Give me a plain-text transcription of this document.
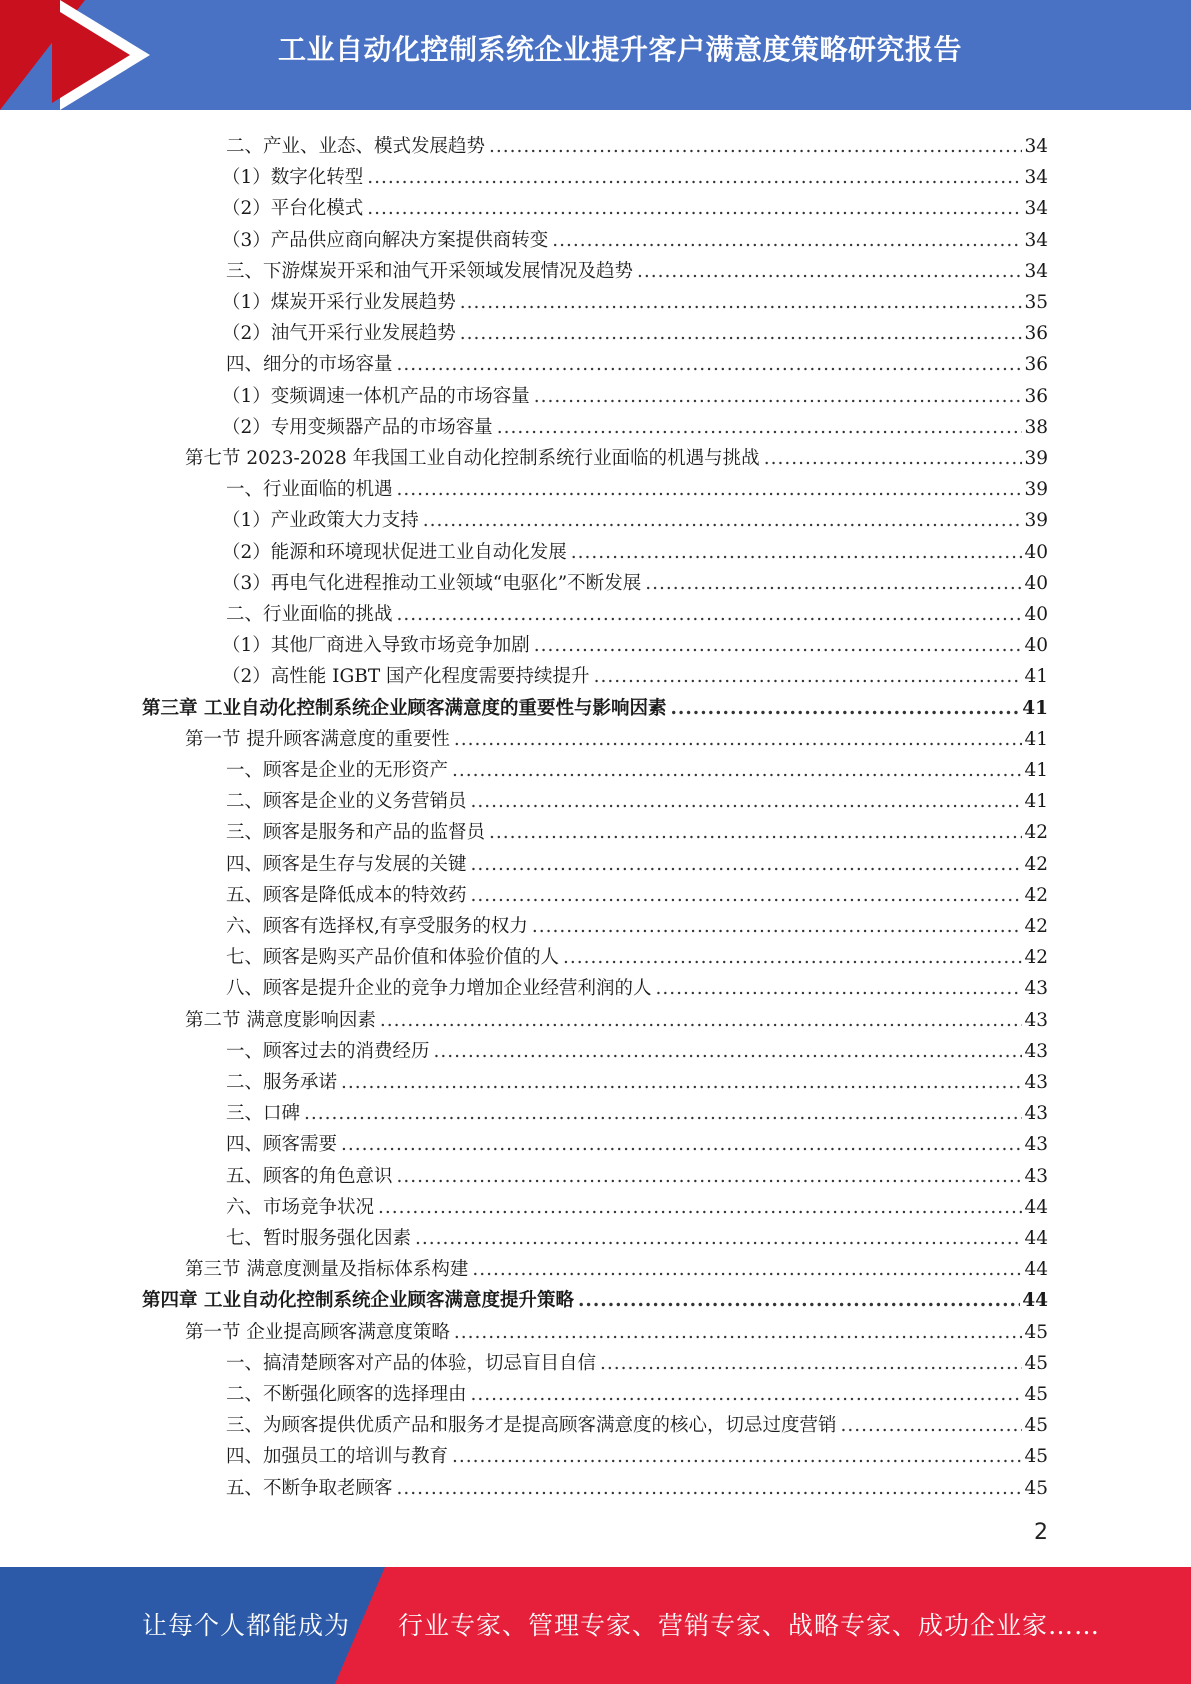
工业自动化控制系统企业提升客户满意度策略研究报告
二、产业、业态、模式发展趋势 .....	34
（1）数字化转型 .....	34
（2）平台化模式 .....	34
（3）产品供应商向解决方案提供商转变 .....	34
三、下游煤炭开采和油气开采领域发展情况及趋势 .....	34
（1）煤炭开采行业发展趋势 .....	35
（2）油气开采行业发展趋势 .....	36
四、细分的市场容量 .....	36
（1）变频调速一体机产品的市场容量 .....	36
（2）专用变频器产品的市场容量 .....	38
第七节 2023-2028 年我国工业自动化控制系统行业面临的机遇与挑战 .....	39
一、行业面临的机遇 .....	39
（1）产业政策大力支持 .....	39
（2）能源和环境现状促进工业自动化发展 .....	40
（3）再电气化进程推动工业领域“电驱化”不断发展 .....	40
二、行业面临的挑战 .....	40
（1）其他厂商进入导致市场竞争加剧 .....	40
（2）高性能 IGBT 国产化程度需要持续提升 .....	41
第三章 工业自动化控制系统企业顾客满意度的重要性与影响因素 .....	41
第一节 提升顾客满意度的重要性 .....	41
一、顾客是企业的无形资产 .....	41
二、顾客是企业的义务营销员 .....	41
三、顾客是服务和产品的监督员 .....	42
四、顾客是生存与发展的关键 .....	42
五、顾客是降低成本的特效药 .....	42
六、顾客有选择权,有享受服务的权力 .....	42
七、顾客是购买产品价值和体验价值的人 .....	42
八、顾客是提升企业的竞争力增加企业经营利润的人 .....	43
第二节 满意度影响因素 .....	43
一、顾客过去的消费经历 .....	43
二、服务承诺 .....	43
三、口碑 .....	43
四、顾客需要 .....	43
五、顾客的角色意识 .....	43
六、市场竞争状况 .....	44
七、暂时服务强化因素 .....	44
第三节 满意度测量及指标体系构建 .....	44
第四章 工业自动化控制系统企业顾客满意度提升策略 .....	44
第一节 企业提高顾客满意度策略 .....	45
一、搞清楚顾客对产品的体验，切忌盲目自信 .....	45
二、不断强化顾客的选择理由 .....	45
三、为顾客提供优质产品和服务才是提高顾客满意度的核心，切忌过度营销 .....	45
四、加强员工的培训与教育 .....	45
五、不断争取老顾客 .....	45
2
让每个人都能成为 行业专家、管理专家、营销专家、战略专家、成功企业家……
